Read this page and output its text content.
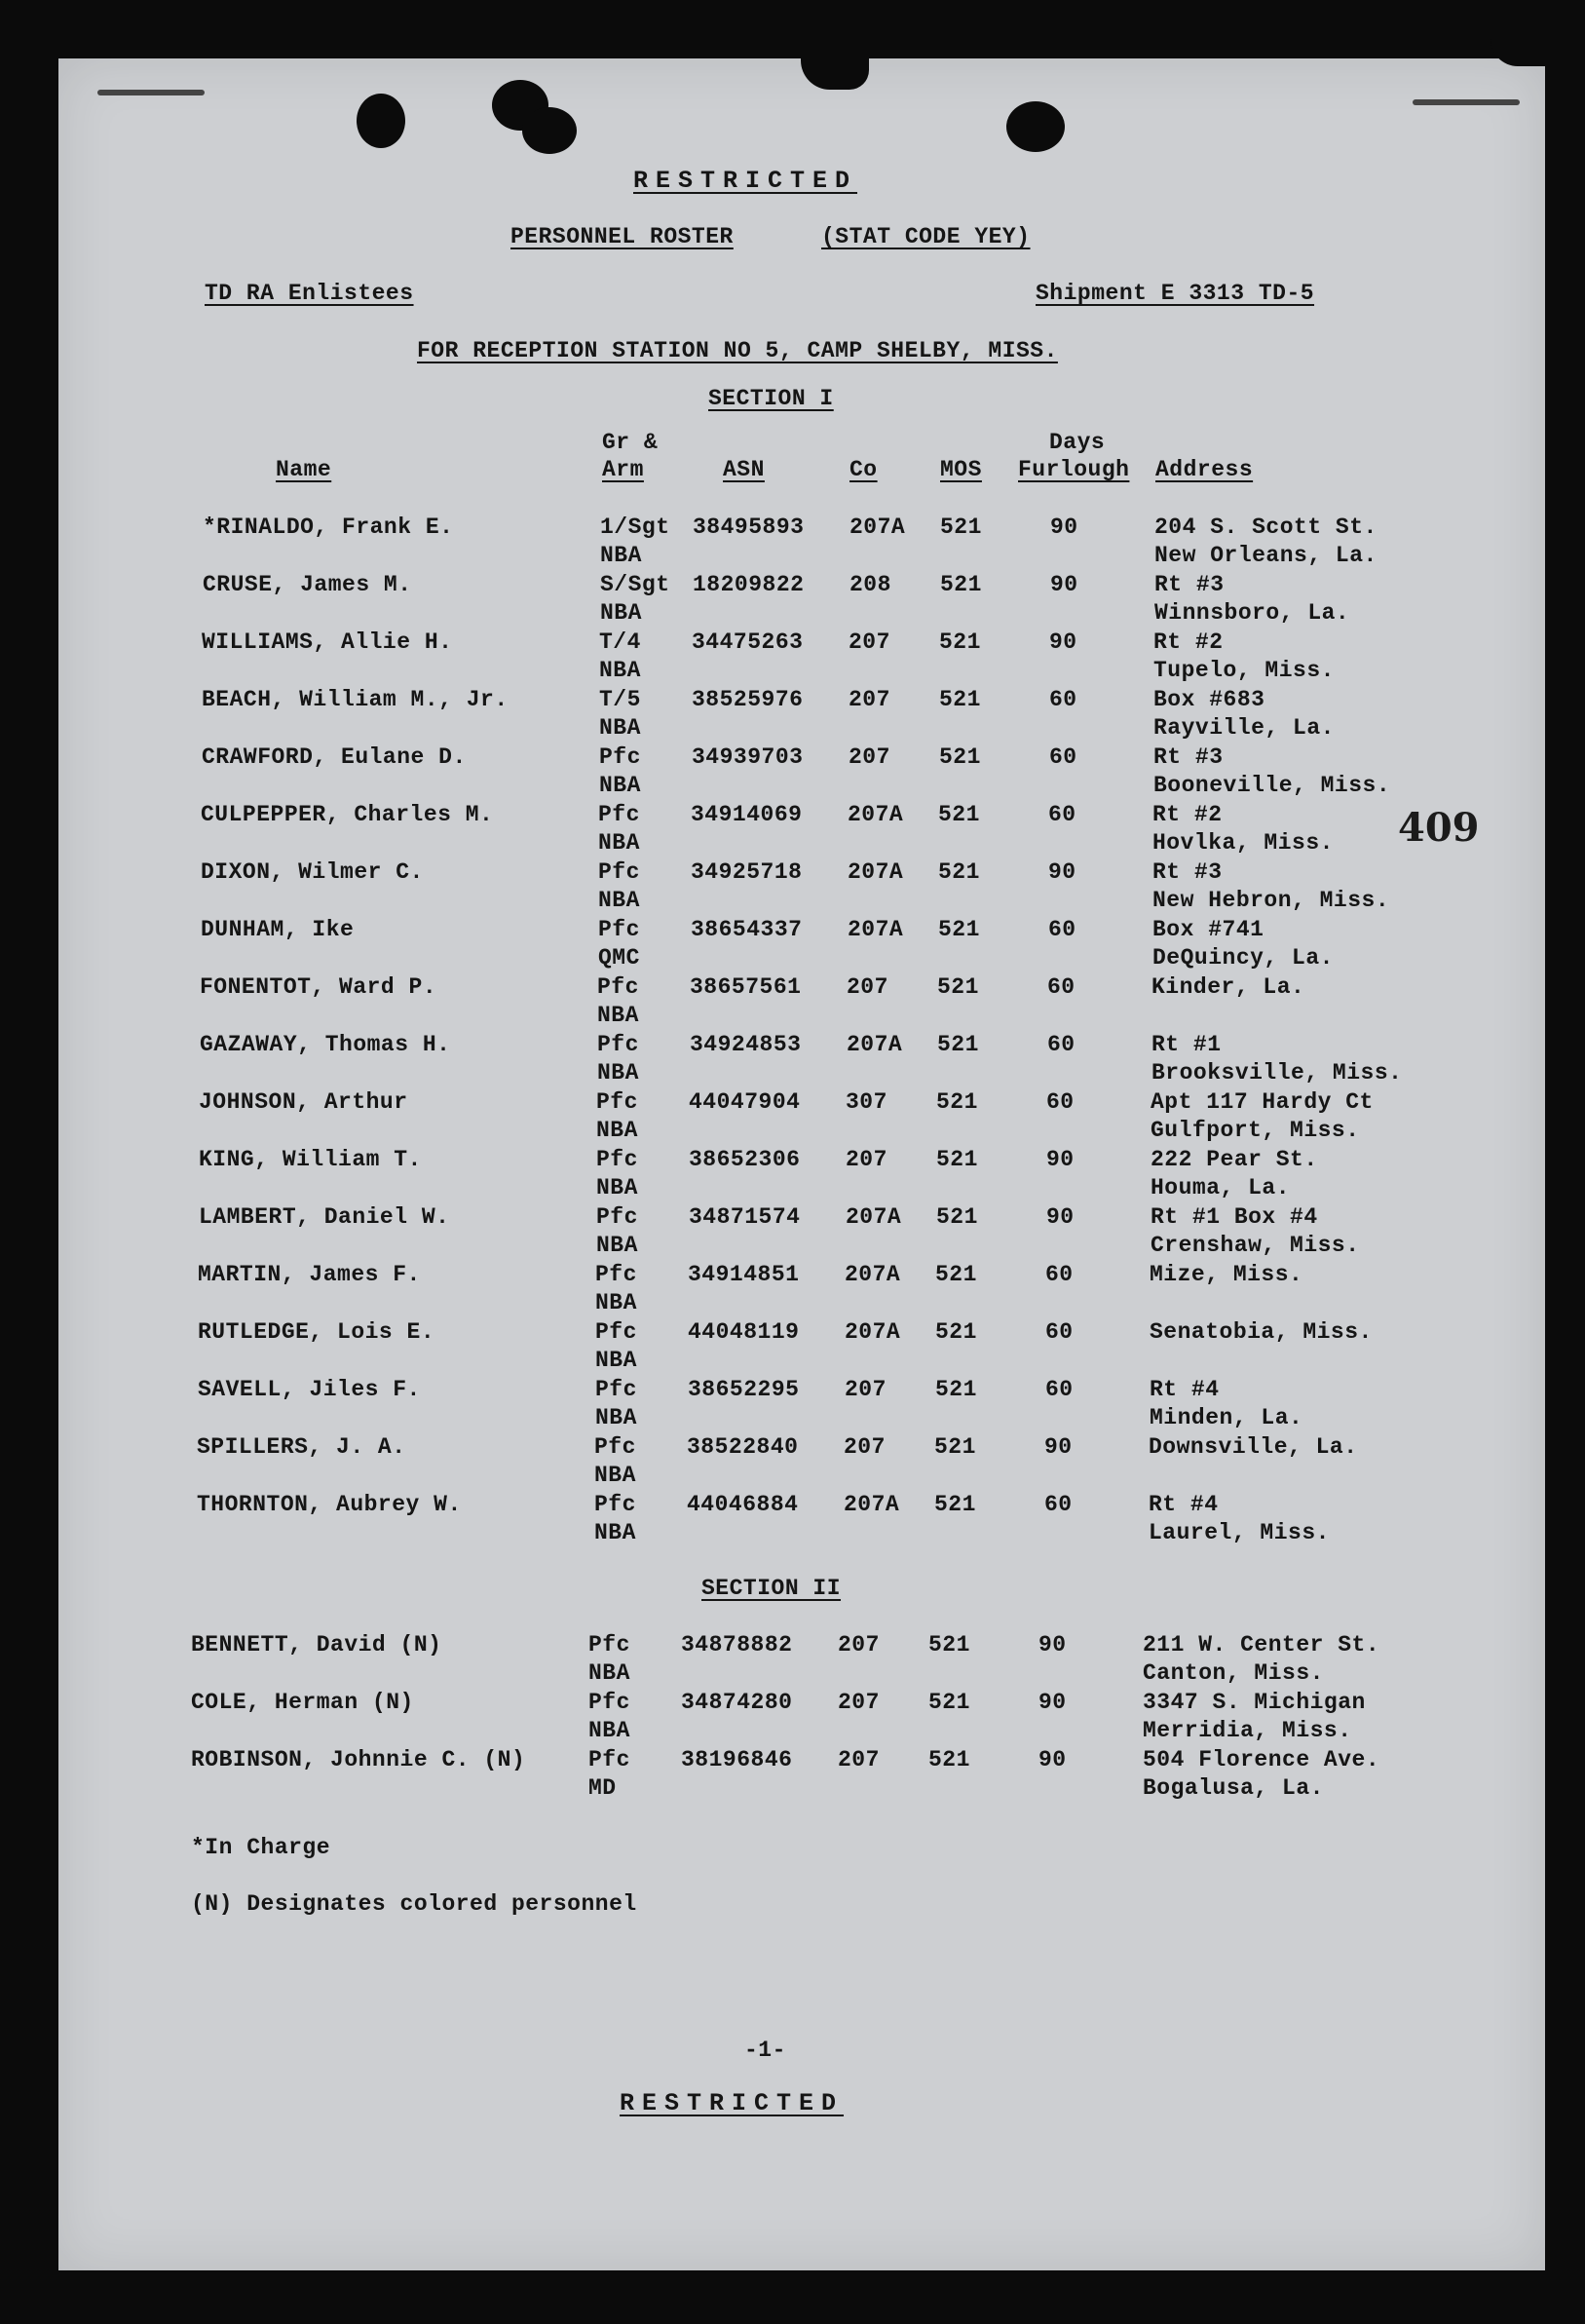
RESTRICTED
PERSONNEL ROSTER	(STAT CODE YEY)
TD RA Enlistees	Shipment E 3313 TD-5
FOR RECEPTION STATION NO 5, CAMP SHELBY, MISS.
SECTION I
Name
Gr &
Arm	ASN	Co	MOS
Days
Furlough Address
*RINALDO, Frank E.	1/Sgt 38495893 207A 521	90	204 S. Scott St.
NBA	New Orleans, La.
CRUSE, James M.	S/Sgt 18209822 208 521	90	Rt #3
NBA	Winnsboro, La.
WILLIAMS, Allie H.	T/4 34475263 207 521	90	Rt #2
NBA	Tupelo, Miss.
BEACH, William M., Jr.	T/5 38525976 207 521	60	Box #683
NBA	Rayville, La.
CRAWFORD, Eulane D.	Pfc 34939703 207 521	60	Rt #3
NBA	Booneville, Miss.
CULPEPPER, Charles M.	Pfc 34914069 207A 521	60	Rt #2
NBA	Hovlka, Miss.
DIXON, Wilmer C.	Pfc 34925718 207A 521	90	Rt #3
NBA	New Hebron, Miss.
DUNHAM, Ike	Pfc 38654337 207A 521	60	Box #741
QMC	DeQuincy, La.
FONENTOT, Ward P.	Pfc 38657561 207 521	60	Kinder, La.
NBA
GAZAWAY, Thomas H.	Pfc 34924853 207A 521	60	Rt #1
NBA	Brooksville, Miss.
JOHNSON, Arthur	Pfc 44047904 307 521	60	Apt 117 Hardy Ct
NBA	Gulfport, Miss.
KING, William T.	Pfc 38652306 207 521	90	222 Pear St.
NBA	Houma, La.
LAMBERT, Daniel W.	Pfc 34871574 207A 521	90	Rt #1 Box #4
NBA	Crenshaw, Miss.
MARTIN, James F.	Pfc 34914851 207A 521	60	Mize, Miss.
NBA
RUTLEDGE, Lois E.	Pfc 44048119 207A 521	60	Senatobia, Miss.
NBA
SAVELL, Jiles F.	Pfc 38652295 207 521	60	Rt #4
NBA	Minden, La.
SPILLERS, J. A.	Pfc 38522840 207 521	90	Downsville, La.
NBA
THORNTON, Aubrey W.	Pfc 44046884 207A 521	60	Rt #4
NBA	Laurel, Miss.
409
SECTION II
BENNETT, David (N)	Pfc 34878882 207 521	90	211 W. Center St.
NBA	Canton, Miss.
COLE, Herman (N)	Pfc 34874280 207 521	90	3347 S. Michigan
NBA	Merridia, Miss.
ROBINSON, Johnnie C. (N)	Pfc 38196846 207 521	90	504 Florence Ave.
MD	Bogalusa, La.
*In Charge
(N) Designates colored personnel
-1-
RESTRICTED
